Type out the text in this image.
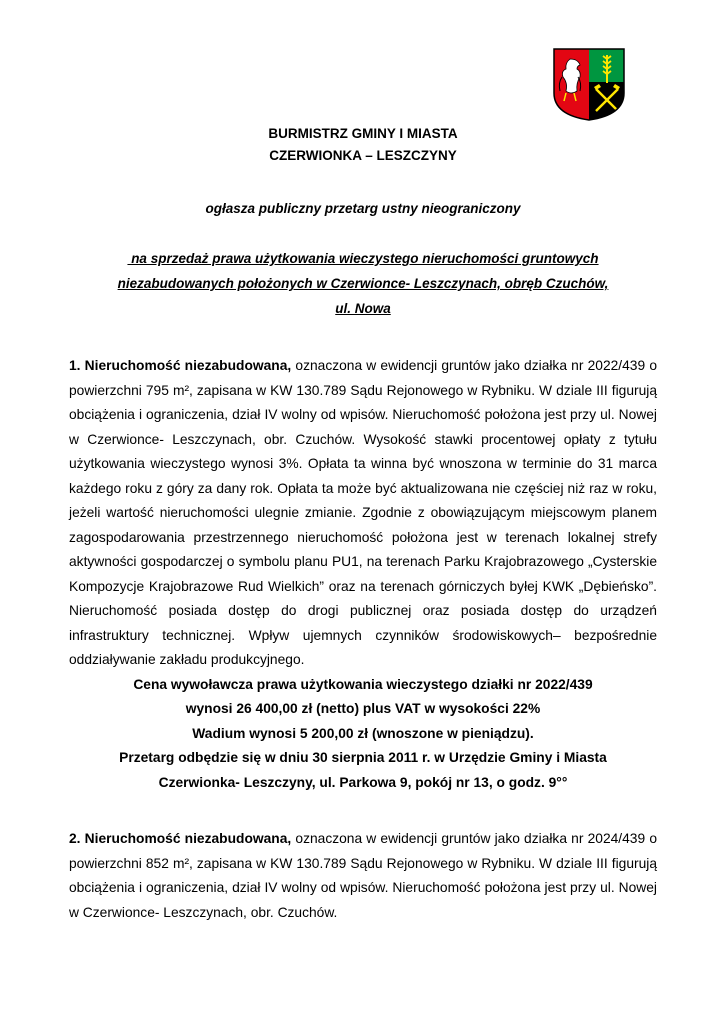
BURMISTRZ GMINY I MIASTA
CZERWIONKA – LESZCZYNY
ogłasza publiczny przetarg ustny nieograniczony
na sprzedaż prawa użytkowania wieczystego nieruchomości gruntowych
niezabudowanych położonych w Czerwionce- Leszczynach, obręb Czuchów,
ul. Nowa
1. Nieruchomość niezabudowana, oznaczona w ewidencji gruntów jako działka nr 2022/439 o powierzchni 795 m², zapisana w KW 130.789 Sądu Rejonowego w Rybniku. W dziale III figurują obciążenia i ograniczenia, dział IV wolny od wpisów. Nieruchomość położona jest przy ul. Nowej w Czerwionce- Leszczynach, obr. Czuchów. Wysokość stawki procentowej opłaty z tytułu użytkowania wieczystego wynosi 3%. Opłata ta winna być wnoszona w terminie do 31 marca każdego roku z góry za dany rok. Opłata ta może być aktualizowana nie częściej niż raz w roku, jeżeli wartość nieruchomości ulegnie zmianie. Zgodnie z obowiązującym miejscowym planem zagospodarowania przestrzennego nieruchomość położona jest w terenach lokalnej strefy aktywności gospodarczej o symbolu planu PU1, na terenach Parku Krajobrazowego „Cysterskie Kompozycje Krajobrazowe Rud Wielkich” oraz na terenach górniczych byłej KWK „Dębieńsko”. Nieruchomość posiada dostęp do drogi publicznej oraz posiada dostęp do urządzeń infrastruktury technicznej. Wpływ ujemnych czynników środowiskowych– bezpośrednie oddziaływanie zakładu produkcyjnego.
Cena wywoławcza prawa użytkowania wieczystego działki nr 2022/439
wynosi 26 400,00 zł (netto) plus VAT w wysokości 22%
Wadium wynosi 5 200,00 zł (wnoszone w pieniądzu).
Przetarg odbędzie się w dniu 30 sierpnia 2011 r. w Urzędzie Gminy i Miasta
Czerwionka- Leszczyny, ul. Parkowa 9, pokój nr 13, o godz. 9°°
2. Nieruchomość niezabudowana, oznaczona w ewidencji gruntów jako działka nr 2024/439 o powierzchni 852 m², zapisana w KW 130.789 Sądu Rejonowego w Rybniku. W dziale III figurują obciążenia i ograniczenia, dział IV wolny od wpisów. Nieruchomość położona jest przy ul. Nowej w Czerwionce- Leszczynach, obr. Czuchów.
